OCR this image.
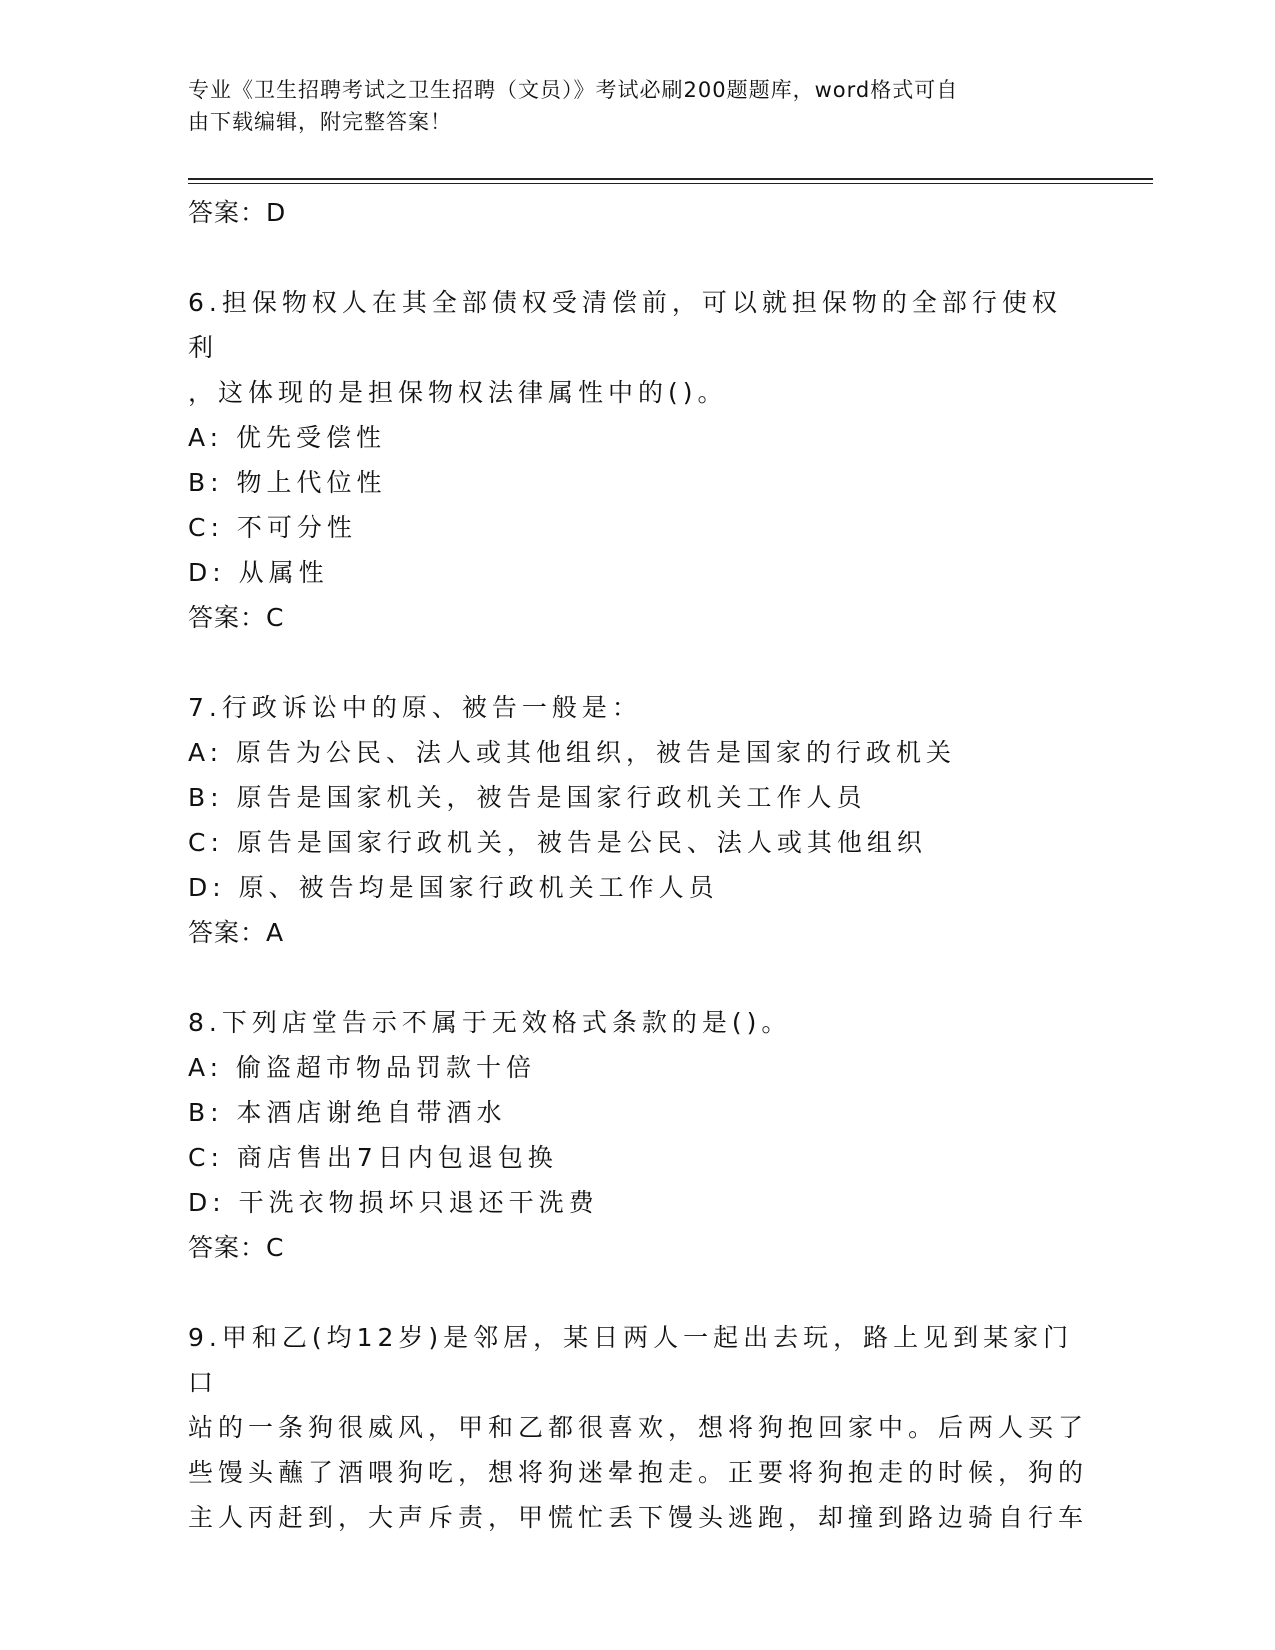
专业《卫生招聘考试之卫生招聘（文员）》考试必刷200题题库，word格式可自
由下载编辑，附完整答案！
答案：D
6.担保物权人在其全部债权受清偿前，可以就担保物的全部行使权利
，这体现的是担保物权法律属性中的()。
A: 优先受偿性
B: 物上代位性
C: 不可分性
D: 从属性
答案：C
7.行政诉讼中的原、被告一般是：
A: 原告为公民、法人或其他组织，被告是国家的行政机关
B: 原告是国家机关，被告是国家行政机关工作人员
C: 原告是国家行政机关，被告是公民、法人或其他组织
D: 原、被告均是国家行政机关工作人员
答案：A
8.下列店堂告示不属于无效格式条款的是()。
A: 偷盗超市物品罚款十倍
B: 本酒店谢绝自带酒水
C: 商店售出7日内包退包换
D: 干洗衣物损坏只退还干洗费
答案：C
9.甲和乙(均12岁)是邻居，某日两人一起出去玩，路上见到某家门口
站的一条狗很威风，甲和乙都很喜欢，想将狗抱回家中。后两人买了
些馒头蘸了酒喂狗吃，想将狗迷晕抱走。正要将狗抱走的时候，狗的
主人丙赶到，大声斥责，甲慌忙丢下馒头逃跑，却撞到路边骑自行车
